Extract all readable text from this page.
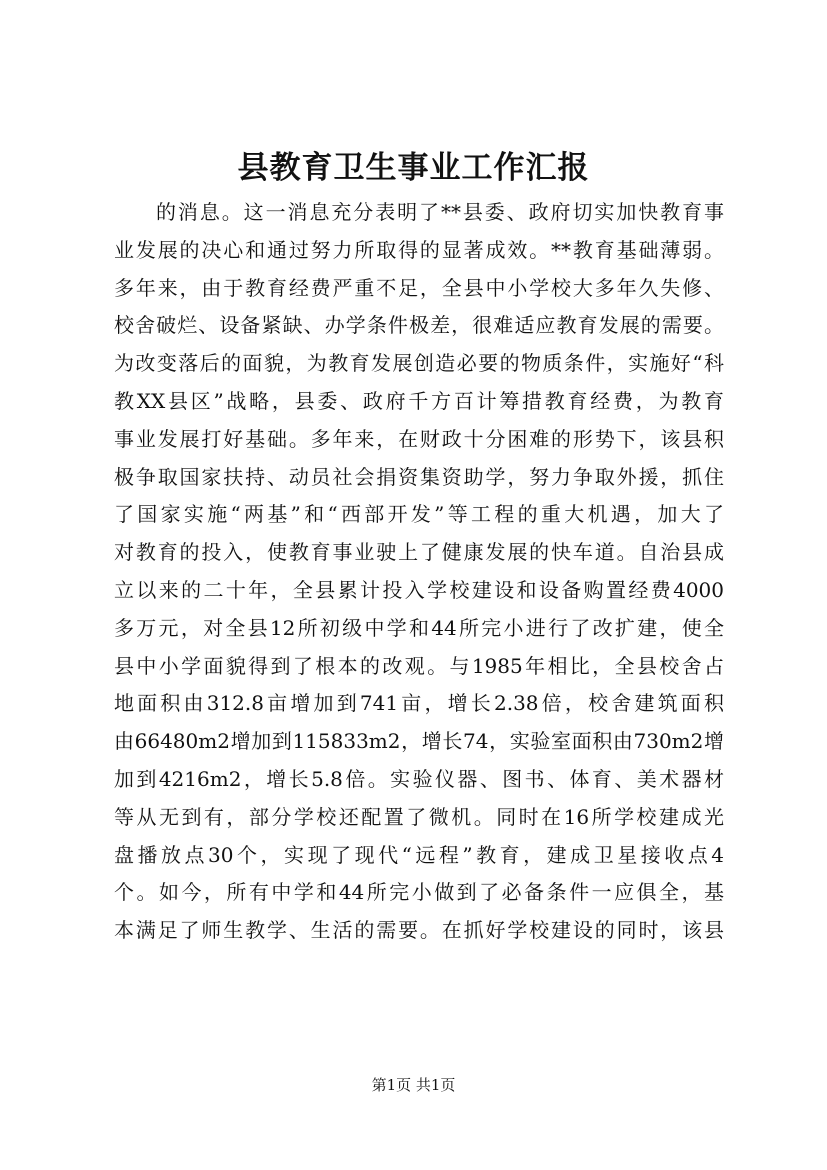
县教育卫生事业工作汇报
的消息。这一消息充分表明了**县委、政府切实加快教育事
业发展的决心和通过努力所取得的显著成效。**教育基础薄弱。
多年来，由于教育经费严重不足，全县中小学校大多年久失修、
校舍破烂、设备紧缺、办学条件极差，很难适应教育发展的需要。
为改变落后的面貌，为教育发展创造必要的物质条件，实施好“科
教XX县区”战略，县委、政府千方百计筹措教育经费，为教育
事业发展打好基础。多年来，在财政十分困难的形势下，该县积
极争取国家扶持、动员社会捐资集资助学，努力争取外援，抓住
了国家实施“两基”和“西部开发”等工程的重大机遇，加大了
对教育的投入，使教育事业驶上了健康发展的快车道。自治县成
立以来的二十年，全县累计投入学校建设和设备购置经费4000
多万元，对全县12所初级中学和44所完小进行了改扩建，使全
县中小学面貌得到了根本的改观。与1985年相比，全县校舍占
地面积由312.8亩增加到741亩，增长2.38倍，校舍建筑面积
由66480m2增加到115833m2，增长74，实验室面积由730m2增
加到4216m2，增长5.8倍。实验仪器、图书、体育、美术器材
等从无到有，部分学校还配置了微机。同时在16所学校建成光
盘播放点30个，实现了现代“远程”教育，建成卫星接收点4
个。如今，所有中学和44所完小做到了必备条件一应俱全，基
本满足了师生教学、生活的需要。在抓好学校建设的同时，该县
第1页 共1页
